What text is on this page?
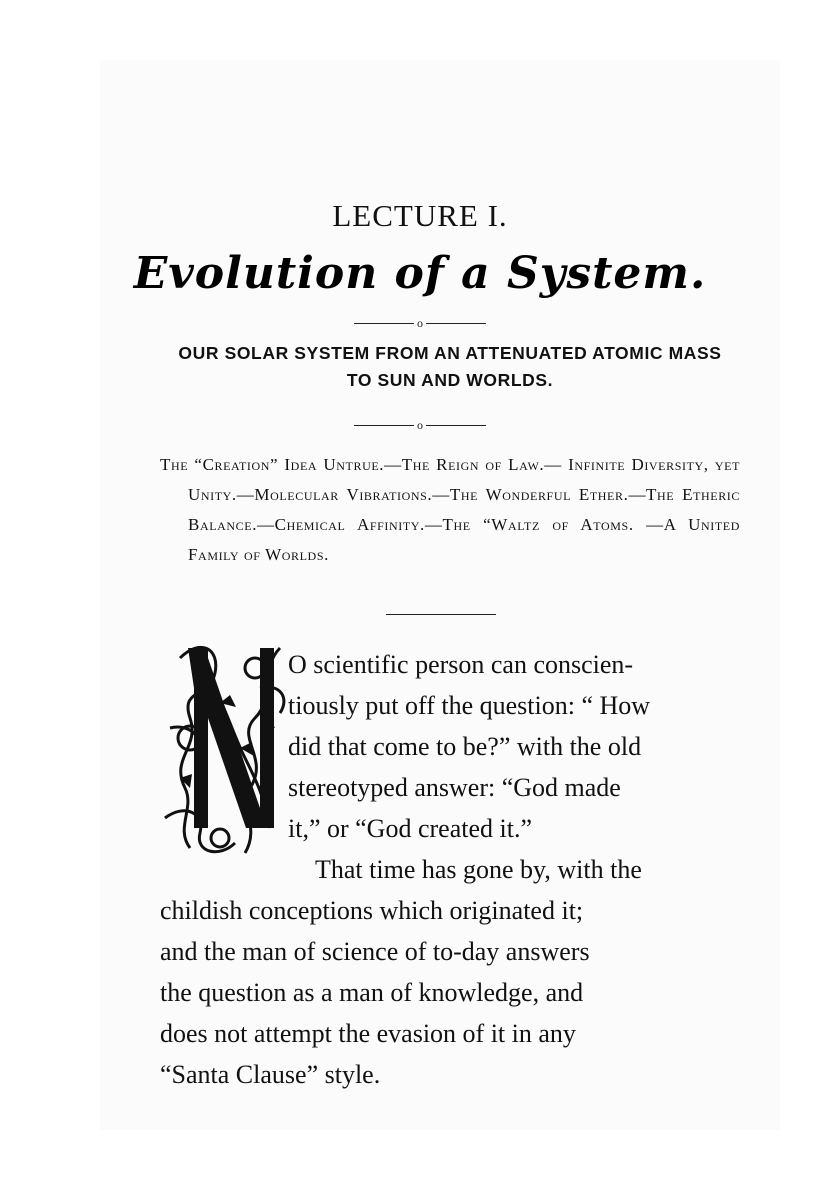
LECTURE I.
Evolution of a System.
o
OUR SOLAR SYSTEM FROM AN ATTENUATED ATOMIC MASS
TO SUN AND WORLDS.
o

The “Creation” Idea Untrue.—The Reign of Law.— Infinite Diversity, yet Unity.—Molecular Vibrations.—The Wonderful Ether.—The Etheric Balance.—Chemical Affinity.—The “Waltz of Atoms. —A United Family of Worlds.

O scientific person can conscien-
tiously put off the question: “ How
did that come to be?” with the old
stereotyped answer: “God made
it,” or “God created it.”
That time has gone by, with the
childish conceptions which originated it;
and the man of science of to-day answers
the question as a man of knowledge, and
does not attempt the evasion of it in any
“Santa Clause” style.
